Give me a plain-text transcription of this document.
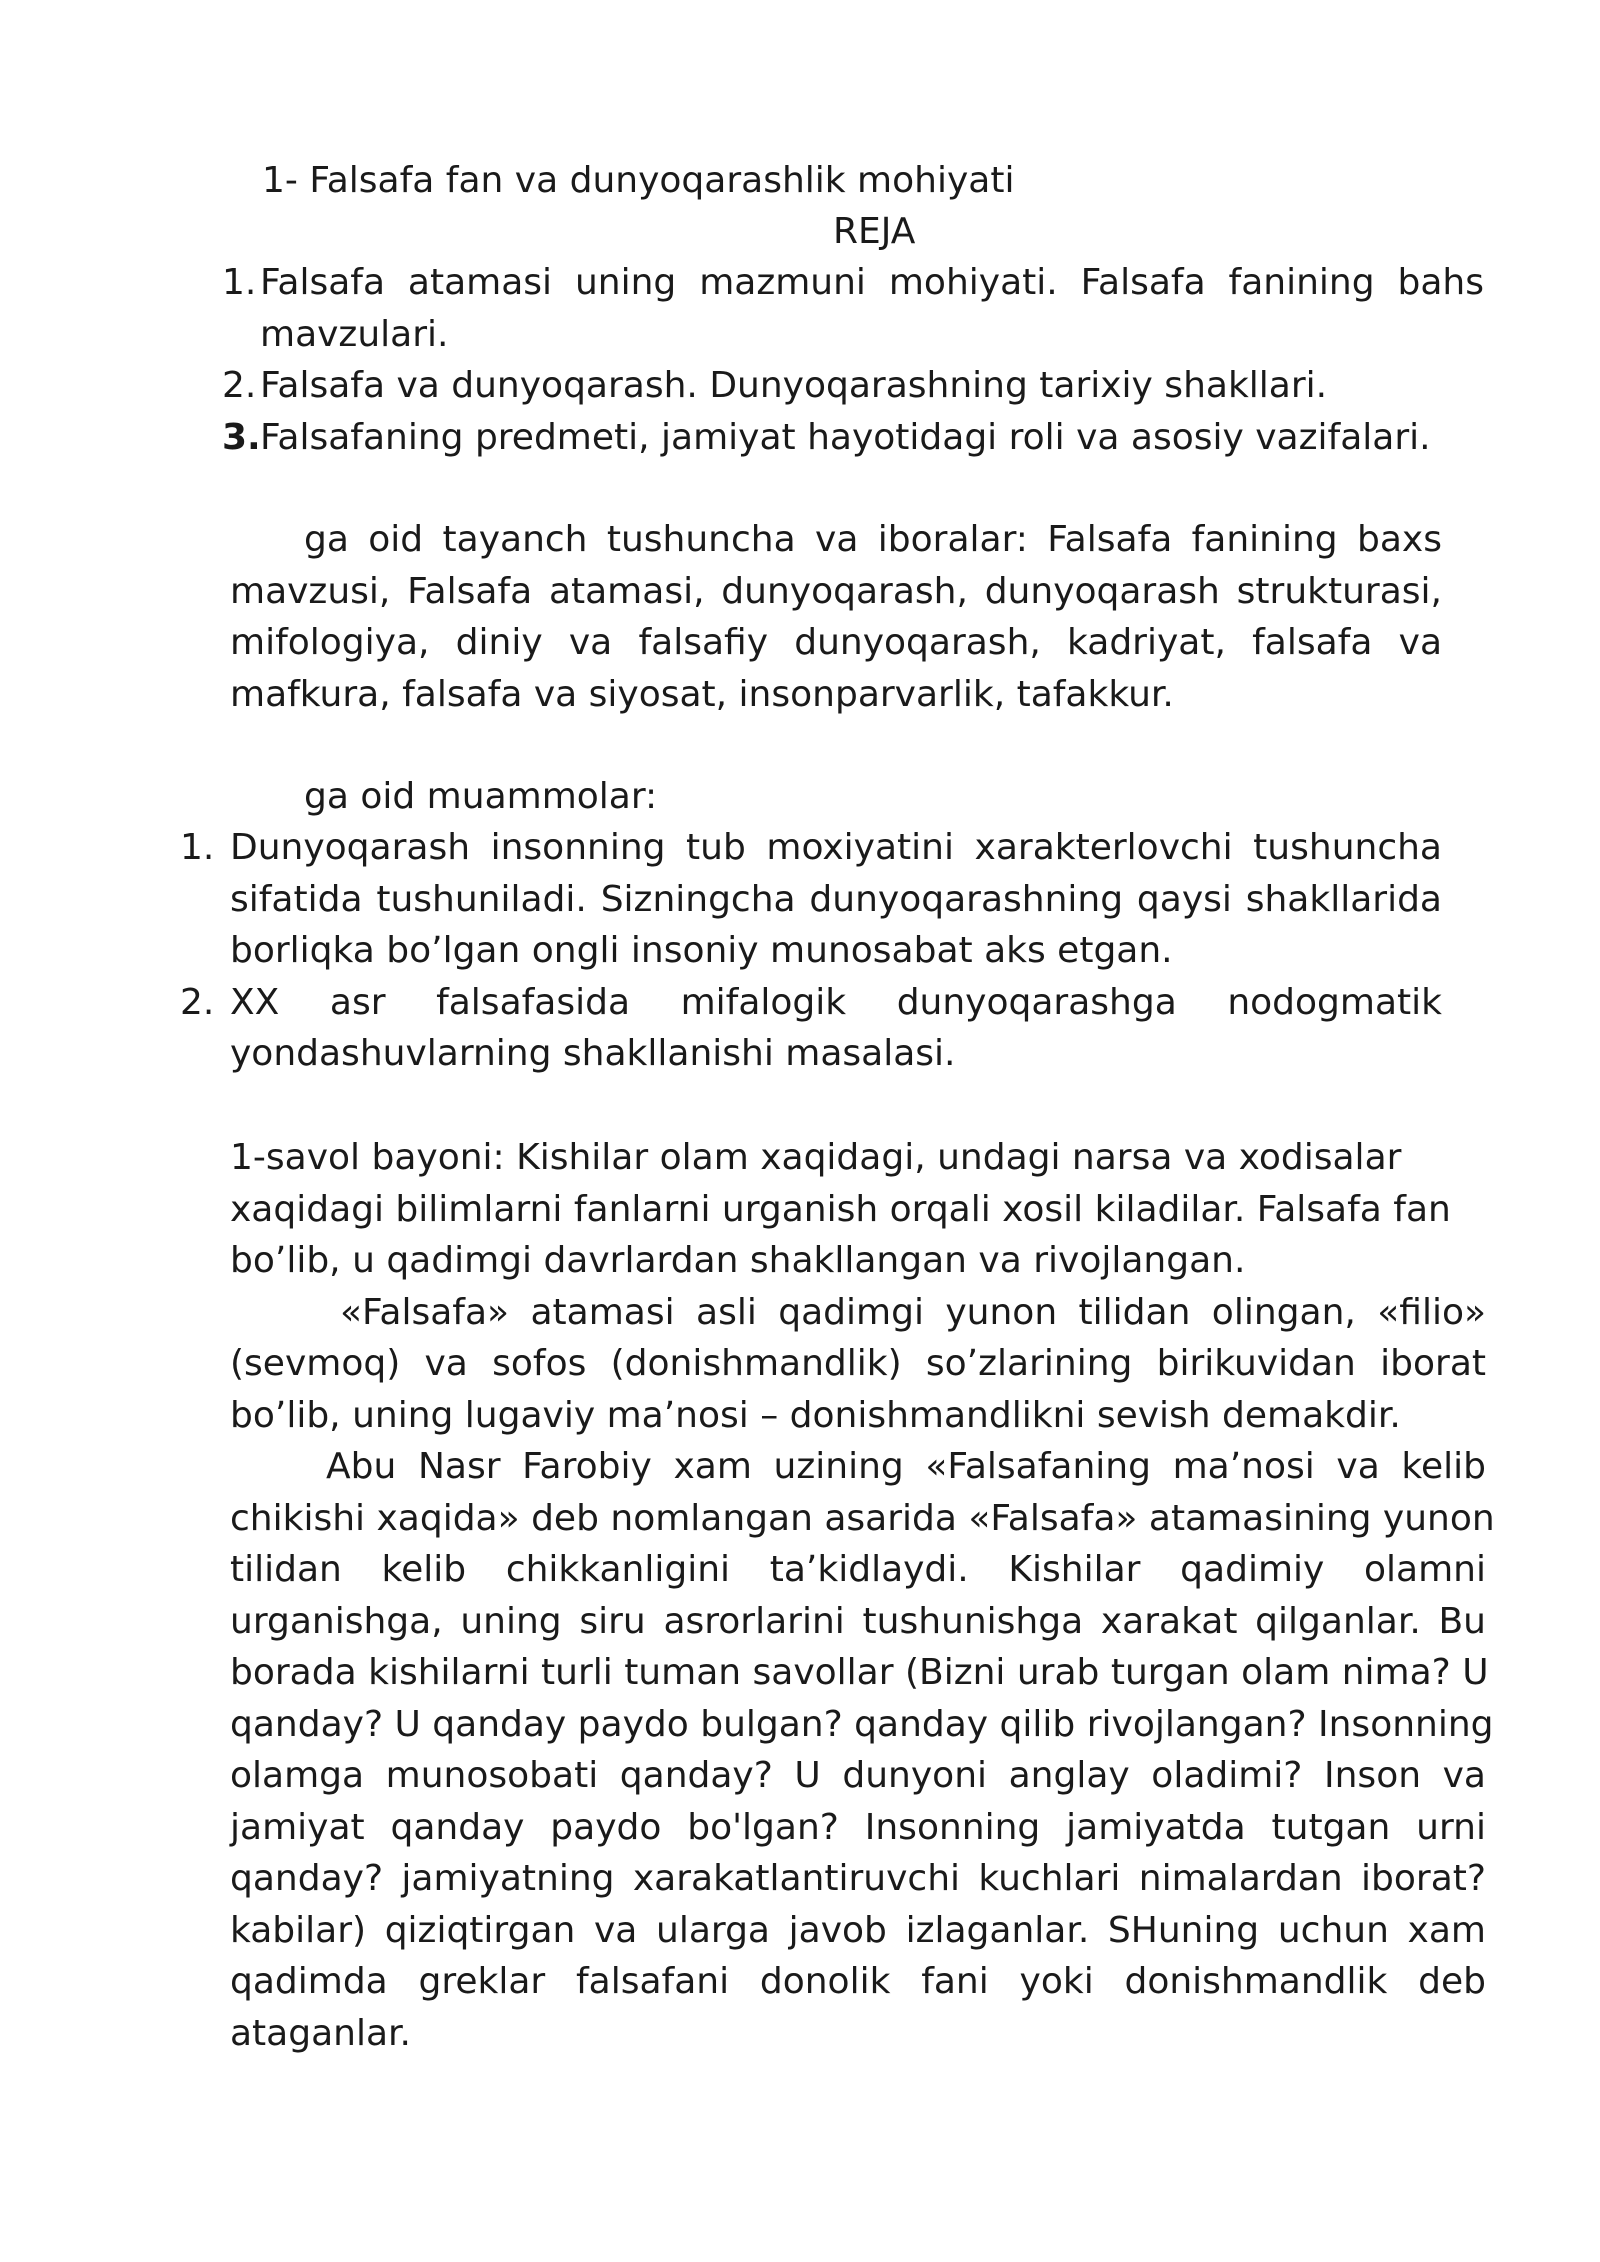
1- Falsafa fan va dunyoqarashlik mohiyati
REJA
1. Falsafa atamasi uning mazmuni mohiyati. Falsafa fanining bahs
mavzulari.
2. Falsafa va dunyoqarash. Dunyoqarashning tarixiy shakllari.
3. Falsafaning predmeti, jamiyat hayotidagi roli va asosiy vazifalari.
ga oid tayanch tushuncha va iboralar: Falsafa fanining baxs
mavzusi, Falsafa atamasi, dunyoqarash, dunyoqarash strukturasi,
mifologiya, diniy va falsafiy dunyoqarash, kadriyat, falsafa va
mafkura, falsafa va siyosat, insonparvarlik, tafakkur.
ga oid muammolar:
1. Dunyoqarash insonning tub moxiyatini xarakterlovchi tushuncha
sifatida tushuniladi. Sizningcha dunyoqarashning qaysi shakllarida
borliqka bo’lgan ongli insoniy munosabat aks etgan.
2. XX asr falsafasida mifalogik dunyoqarashga nodogmatik
yondashuvlarning shakllanishi masalasi.
1-savol bayoni: Kishilar olam xaqidagi, undagi narsa va xodisalar
xaqidagi bilimlarni fanlarni urganish orqali xosil kiladilar. Falsafa fan
bo’lib, u qadimgi davrlardan shakllangan va rivojlangan.
«Falsafa» atamasi asli qadimgi yunon tilidan olingan, «filio»
(sevmoq) va sofos (donishmandlik) so’zlarining birikuvidan iborat
bo’lib, uning lugaviy ma’nosi – donishmandlikni sevish demakdir.
Abu Nasr Farobiy xam uzining «Falsafaning ma’nosi va kelib
chikishi xaqida» deb nomlangan asarida «Falsafa» atamasining yunon
tilidan kelib chikkanligini ta’kidlaydi. Kishilar qadimiy olamni
urganishga, uning siru asrorlarini tushunishga xarakat qilganlar. Bu
borada kishilarni turli tuman savollar (Bizni urab turgan olam nima? U
qanday? U qanday paydo bulgan? qanday qilib rivojlangan? Insonning
olamga munosobati qanday? U dunyoni anglay oladimi? Inson va
jamiyat qanday paydo bo'lgan? Insonning jamiyatda tutgan urni
qanday? jamiyatning xarakatlantiruvchi kuchlari nimalardan iborat?
kabilar) qiziqtirgan va ularga javob izlaganlar. SHuning uchun xam
qadimda greklar falsafani donolik fani yoki donishmandlik deb
ataganlar.
